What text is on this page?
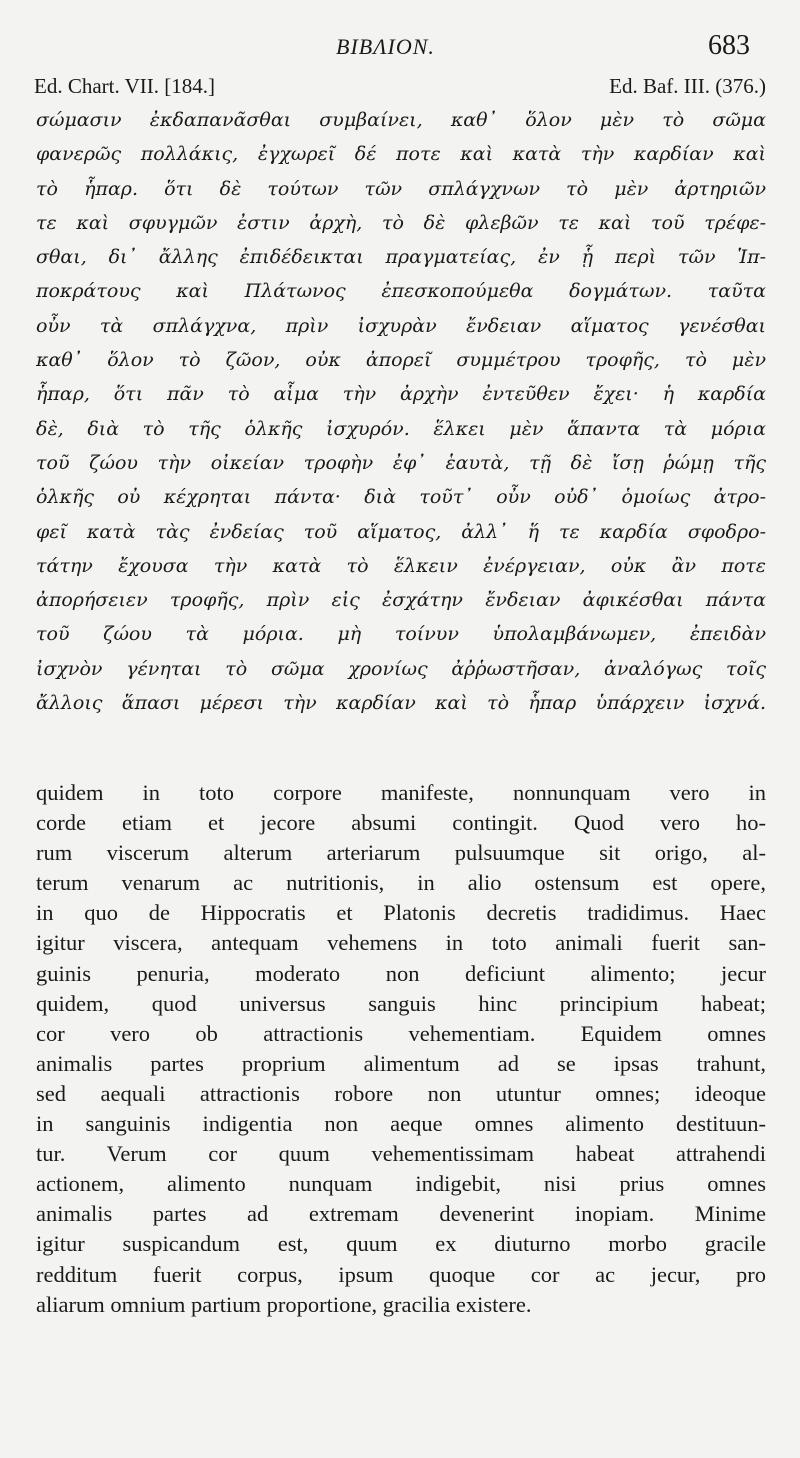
ΒΙΒΛΙΟΝ.	683
Ed. Chart. VII. [184.]	Ed. Baf. III. (376.)
σώμασιν ἐκδαπανᾶσθαι συμβαίνει, καθ᾽ ὅλον μὲν τὸ σῶμα
φανερῶς πολλάκις, ἐγχωρεῖ δέ ποτε καὶ κατὰ τὴν καρδίαν καὶ
τὸ ἧπαρ. ὅτι δὲ τούτων τῶν σπλάγχνων τὸ μὲν ἀρτηριῶν
τε καὶ σφυγμῶν ἐστιν ἀρχὴ, τὸ δὲ φλεβῶν τε καὶ τοῦ τρέφε-
σθαι, δι᾽ ἄλλης ἐπιδέδεικται πραγματείας, ἐν ᾗ περὶ τῶν Ἱπ-
ποκράτους καὶ Πλάτωνος ἐπεσκοπούμεθα δογμάτων. ταῦτα
οὖν τὰ σπλάγχνα, πρὶν ἰσχυρὰν ἔνδειαν αἵματος γενέσθαι
καθ᾽ ὅλον τὸ ζῶον, οὐκ ἀπορεῖ συμμέτρου τροφῆς, τὸ μὲν
ἧπαρ, ὅτι πᾶν τὸ αἷμα τὴν ἀρχὴν ἐντεῦθεν ἔχει· ἡ καρδία
δὲ, διὰ τὸ τῆς ὁλκῆς ἰσχυρόν. ἕλκει μὲν ἅπαντα τὰ μόρια
τοῦ ζώου τὴν οἰκείαν τροφὴν ἐφ᾽ ἑαυτὰ, τῇ δὲ ἴσῃ ῥώμῃ τῆς
ὁλκῆς οὐ κέχρηται πάντα· διὰ τοῦτ᾽ οὖν οὐδ᾽ ὁμοίως ἀτρο-
φεῖ κατὰ τὰς ἐνδείας τοῦ αἵματος, ἀλλ᾽ ἥ τε καρδία σφοδρο-
τάτην ἔχουσα τὴν κατὰ τὸ ἕλκειν ἐνέργειαν, οὐκ ἂν ποτε
ἀπορήσειεν τροφῆς, πρὶν εἰς ἐσχάτην ἔνδειαν ἀφικέσθαι πάντα
τοῦ ζώου τὰ μόρια. μὴ τοίνυν ὑπολαμβάνωμεν, ἐπειδὰν
ἰσχνὸν γένηται τὸ σῶμα χρονίως ἀῤῥωστῆσαν, ἀναλόγως τοῖς
ἄλλοις ἅπασι μέρεσι τὴν καρδίαν καὶ τὸ ἧπαρ ὑπάρχειν ἰσχνά.
quidem in toto corpore manifeste, nonnunquam vero in
corde etiam et jecore absumi contingit. Quod vero ho-
rum viscerum alterum arteriarum pulsuumque sit origo, al-
terum venarum ac nutritionis, in alio ostensum est opere,
in quo de Hippocratis et Platonis decretis tradidimus. Haec
igitur viscera, antequam vehemens in toto animali fuerit san-
guinis penuria, moderato non deficiunt alimento; jecur
quidem, quod universus sanguis hinc principium habeat;
cor vero ob attractionis vehementiam. Equidem omnes
animalis partes proprium alimentum ad se ipsas trahunt,
sed aequali attractionis robore non utuntur omnes; ideoque
in sanguinis indigentia non aeque omnes alimento destituun-
tur. Verum cor quum vehementissimam habeat attrahendi
actionem, alimento nunquam indigebit, nisi prius omnes
animalis partes ad extremam devenerint inopiam. Minime
igitur suspicandum est, quum ex diuturno morbo gracile
redditum fuerit corpus, ipsum quoque cor ac jecur, pro
aliarum omnium partium proportione, gracilia existere.
